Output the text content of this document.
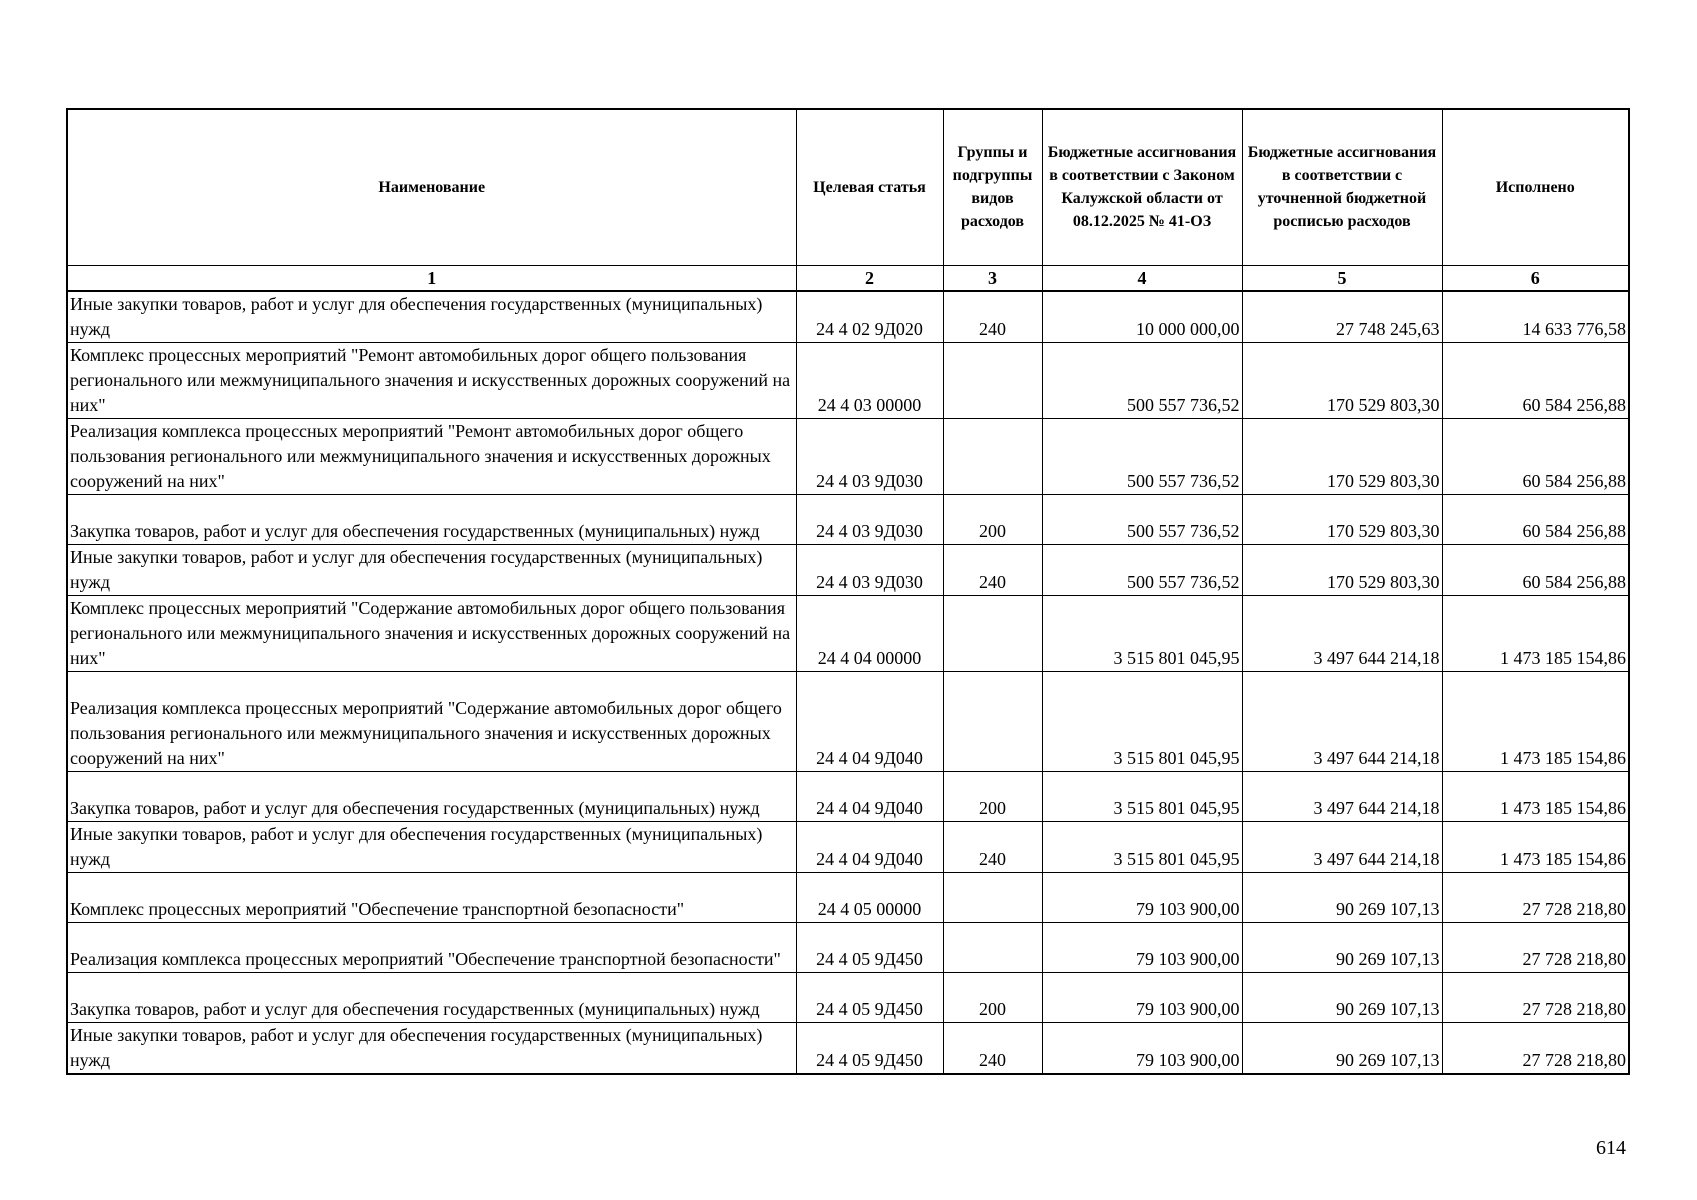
Наименование	Целевая статья	Группы и подгруппы видов расходов	Бюджетные ассигнования в соответствии с Законом Калужской области от 08.12.2025 № 41-ОЗ	Бюджетные ассигнования в соответствии с уточненной бюджетной росписью расходов	Исполнено
1	2	3	4	5	6
Иные закупки товаров, работ и услуг для обеспечения государственных (муниципальных) нужд	24 4 02 9Д020	240	10 000 000,00	27 748 245,63	14 633 776,58
Комплекс процессных мероприятий "Ремонт автомобильных дорог общего пользования регионального или межмуниципального значения и искусственных дорожных сооружений на них"	24 4 03 00000		500 557 736,52	170 529 803,30	60 584 256,88
Реализация комплекса процессных мероприятий "Ремонт автомобильных дорог общего пользования регионального или межмуниципального значения и искусственных дорожных сооружений на них"	24 4 03 9Д030		500 557 736,52	170 529 803,30	60 584 256,88
Закупка товаров, работ и услуг для обеспечения государственных (муниципальных) нужд	24 4 03 9Д030	200	500 557 736,52	170 529 803,30	60 584 256,88
Иные закупки товаров, работ и услуг для обеспечения государственных (муниципальных) нужд	24 4 03 9Д030	240	500 557 736,52	170 529 803,30	60 584 256,88
Комплекс процессных мероприятий "Содержание автомобильных дорог общего пользования регионального или межмуниципального значения и искусственных дорожных сооружений на них"	24 4 04 00000		3 515 801 045,95	3 497 644 214,18	1 473 185 154,86
Реализация комплекса процессных мероприятий "Содержание автомобильных дорог общего пользования регионального или межмуниципального значения и искусственных дорожных сооружений на них"	24 4 04 9Д040		3 515 801 045,95	3 497 644 214,18	1 473 185 154,86
Закупка товаров, работ и услуг для обеспечения государственных (муниципальных) нужд	24 4 04 9Д040	200	3 515 801 045,95	3 497 644 214,18	1 473 185 154,86
Иные закупки товаров, работ и услуг для обеспечения государственных (муниципальных) нужд	24 4 04 9Д040	240	3 515 801 045,95	3 497 644 214,18	1 473 185 154,86
Комплекс процессных мероприятий "Обеспечение транспортной безопасности"	24 4 05 00000		79 103 900,00	90 269 107,13	27 728 218,80
Реализация комплекса процессных мероприятий "Обеспечение транспортной безопасности"	24 4 05 9Д450		79 103 900,00	90 269 107,13	27 728 218,80
Закупка товаров, работ и услуг для обеспечения государственных (муниципальных) нужд	24 4 05 9Д450	200	79 103 900,00	90 269 107,13	27 728 218,80
Иные закупки товаров, работ и услуг для обеспечения государственных (муниципальных) нужд	24 4 05 9Д450	240	79 103 900,00	90 269 107,13	27 728 218,80
614
